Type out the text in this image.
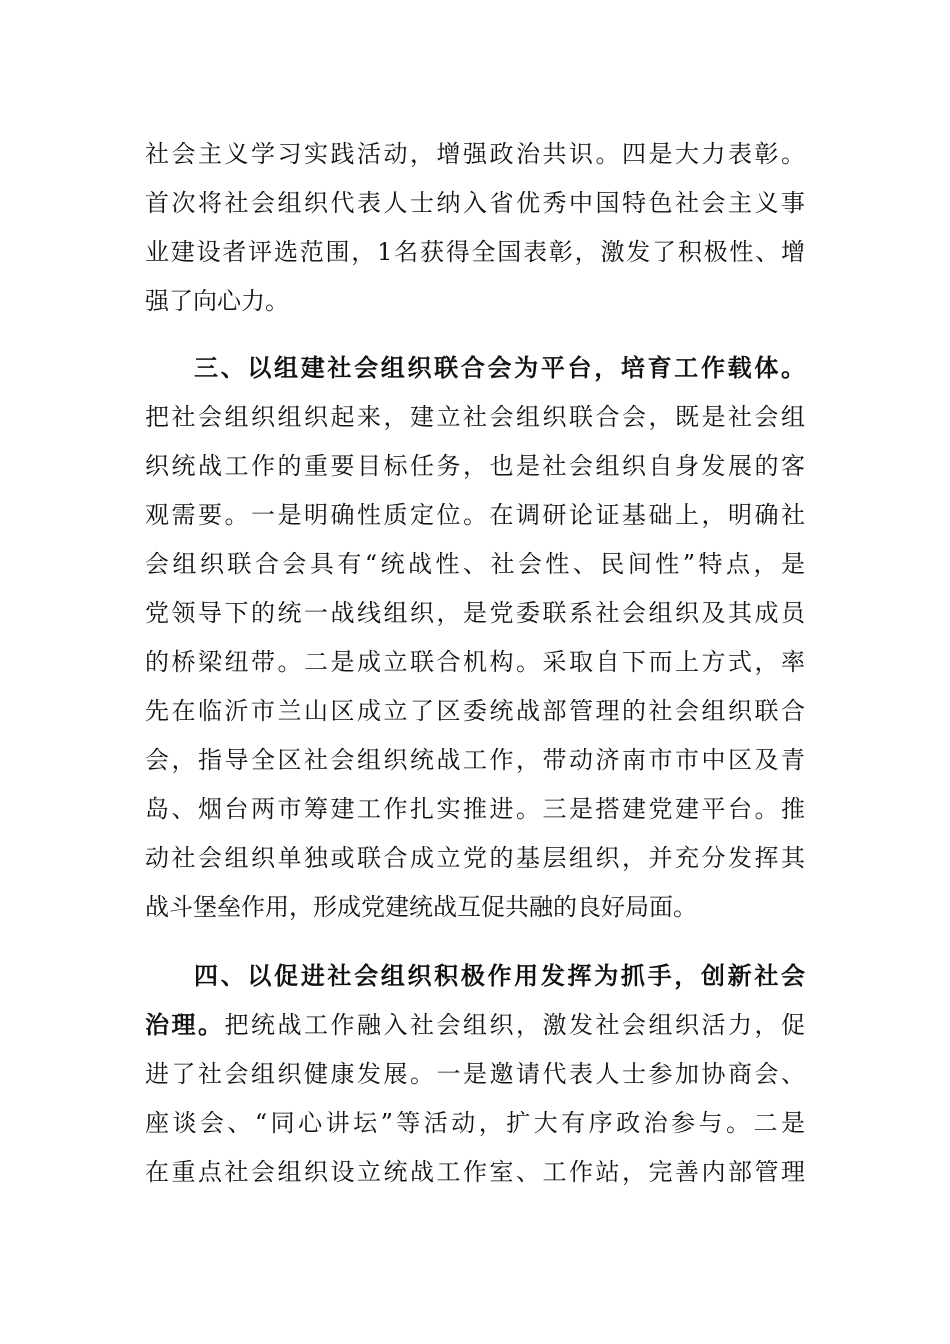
社会主义学习实践活动，增强政治共识。四是大力表彰。
首次将社会组织代表人士纳入省优秀中国特色社会主义事
业建设者评选范围，1名获得全国表彰，激发了积极性、增
强了向心力。
三、以组建社会组织联合会为平台，培育工作载体。
把社会组织组织起来，建立社会组织联合会，既是社会组
织统战工作的重要目标任务，也是社会组织自身发展的客
观需要。一是明确性质定位。在调研论证基础上，明确社
会组织联合会具有“统战性、社会性、民间性”特点，是
党领导下的统一战线组织，是党委联系社会组织及其成员
的桥梁纽带。二是成立联合机构。采取自下而上方式，率
先在临沂市兰山区成立了区委统战部管理的社会组织联合
会，指导全区社会组织统战工作，带动济南市市中区及青
岛、烟台两市筹建工作扎实推进。三是搭建党建平台。推
动社会组织单独或联合成立党的基层组织，并充分发挥其
战斗堡垒作用，形成党建统战互促共融的良好局面。
四、以促进社会组织积极作用发挥为抓手，创新社会
治理。把统战工作融入社会组织，激发社会组织活力，促
进了社会组织健康发展。一是邀请代表人士参加协商会、
座谈会、“同心讲坛”等活动，扩大有序政治参与。二是
在重点社会组织设立统战工作室、工作站，完善内部管理
